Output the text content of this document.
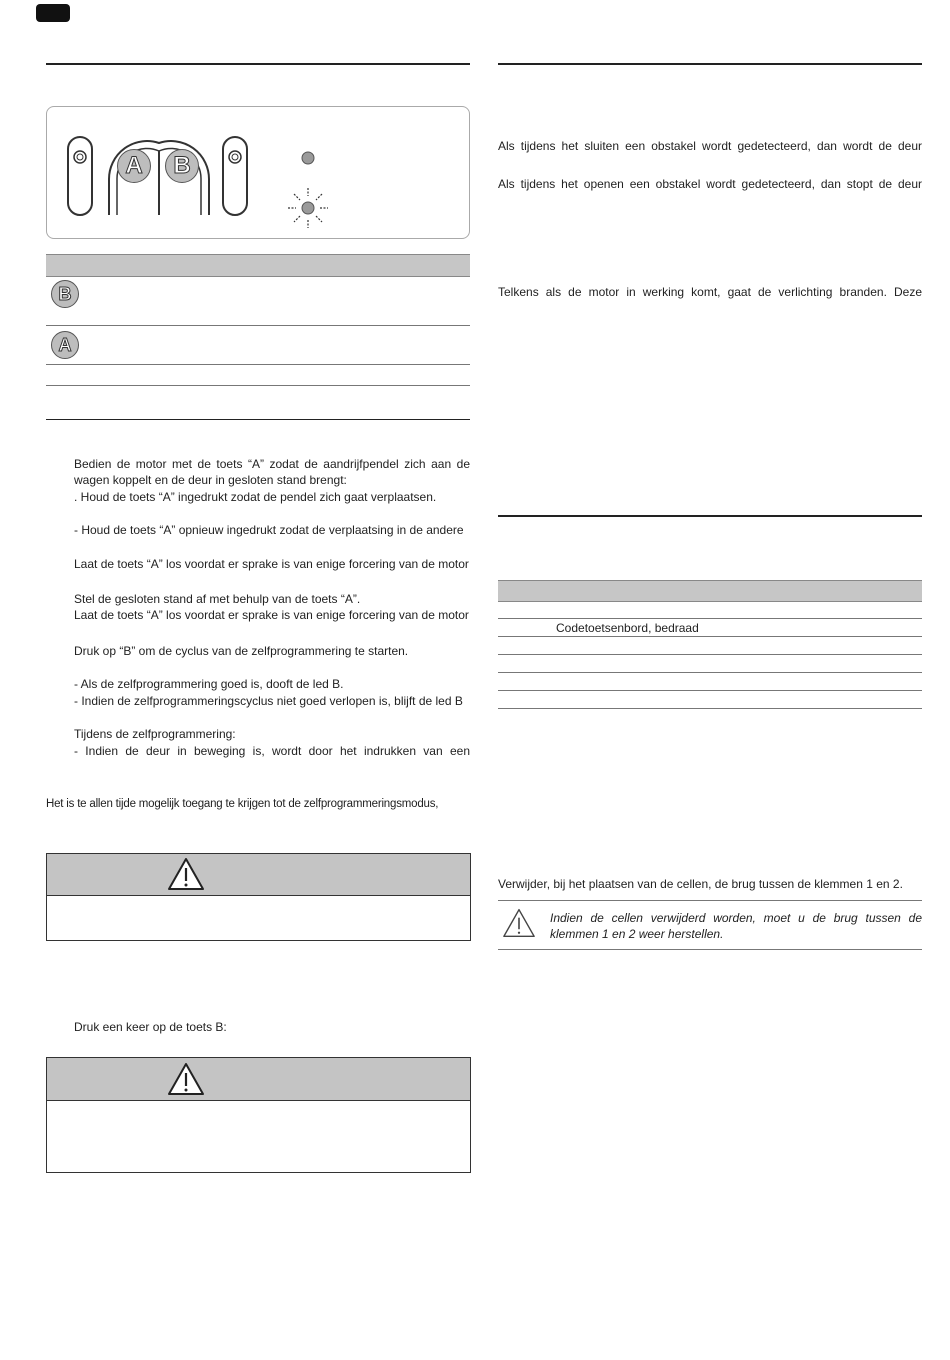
A	B
B
A
Bedien de motor met de toets “A” zodat de aandrijfpendel zich aan de
wagen koppelt en de deur in gesloten stand brengt:
. Houd de toets “A” ingedrukt zodat de pendel zich gaat verplaatsen.
- Houd de toets “A” opnieuw ingedrukt zodat de verplaatsing in de andere
Laat de toets “A” los voordat er sprake is van enige forcering van de motor
Stel de gesloten stand af met behulp van de toets “A”.
Laat de toets “A” los voordat er sprake is van enige forcering van de motor
Druk op “B” om de cyclus van de zelfprogrammering te starten.
- Als de zelfprogrammering goed is, dooft de led B.
- Indien de zelfprogrammeringscyclus niet goed verlopen is, blijft de led B
Tijdens de zelfprogrammering:
- Indien de deur in beweging is, wordt door het indrukken van een
Het is te allen tijde mogelijk toegang te krijgen tot de zelfprogrammeringsmodus,
Druk een keer op de toets B:
Als tijdens het sluiten een obstakel wordt gedetecteerd, dan wordt de deur
Als tijdens het openen een obstakel wordt gedetecteerd, dan stopt de deur
Telkens als de motor in werking komt, gaat de verlichting branden. Deze
Codetoetsenbord, bedraad
Verwijder, bij het plaatsen van de cellen, de brug tussen de klemmen 1 en 2.
Indien de cellen verwijderd worden, moet u de brug tussen de
klemmen 1 en 2 weer herstellen.
